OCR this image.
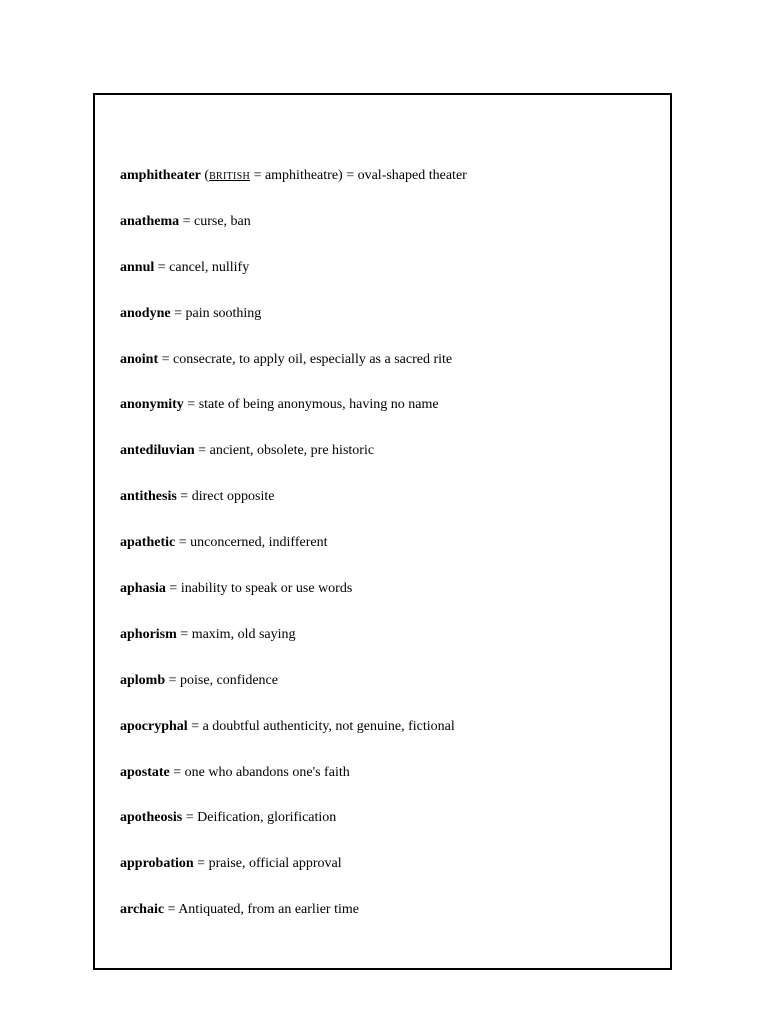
amphitheater (BRITISH = amphitheatre) = oval-shaped theater
anathema = curse, ban
annul = cancel, nullify
anodyne = pain soothing
anoint = consecrate, to apply oil, especially as a sacred rite
anonymity = state of being anonymous, having no name
antediluvian = ancient, obsolete, pre historic
antithesis = direct opposite
apathetic = unconcerned, indifferent
aphasia = inability to speak or use words
aphorism = maxim, old saying
aplomb = poise, confidence
apocryphal = a doubtful authenticity, not genuine, fictional
apostate = one who abandons one's faith
apotheosis = Deification, glorification
approbation = praise, official approval
archaic = Antiquated, from an earlier time
